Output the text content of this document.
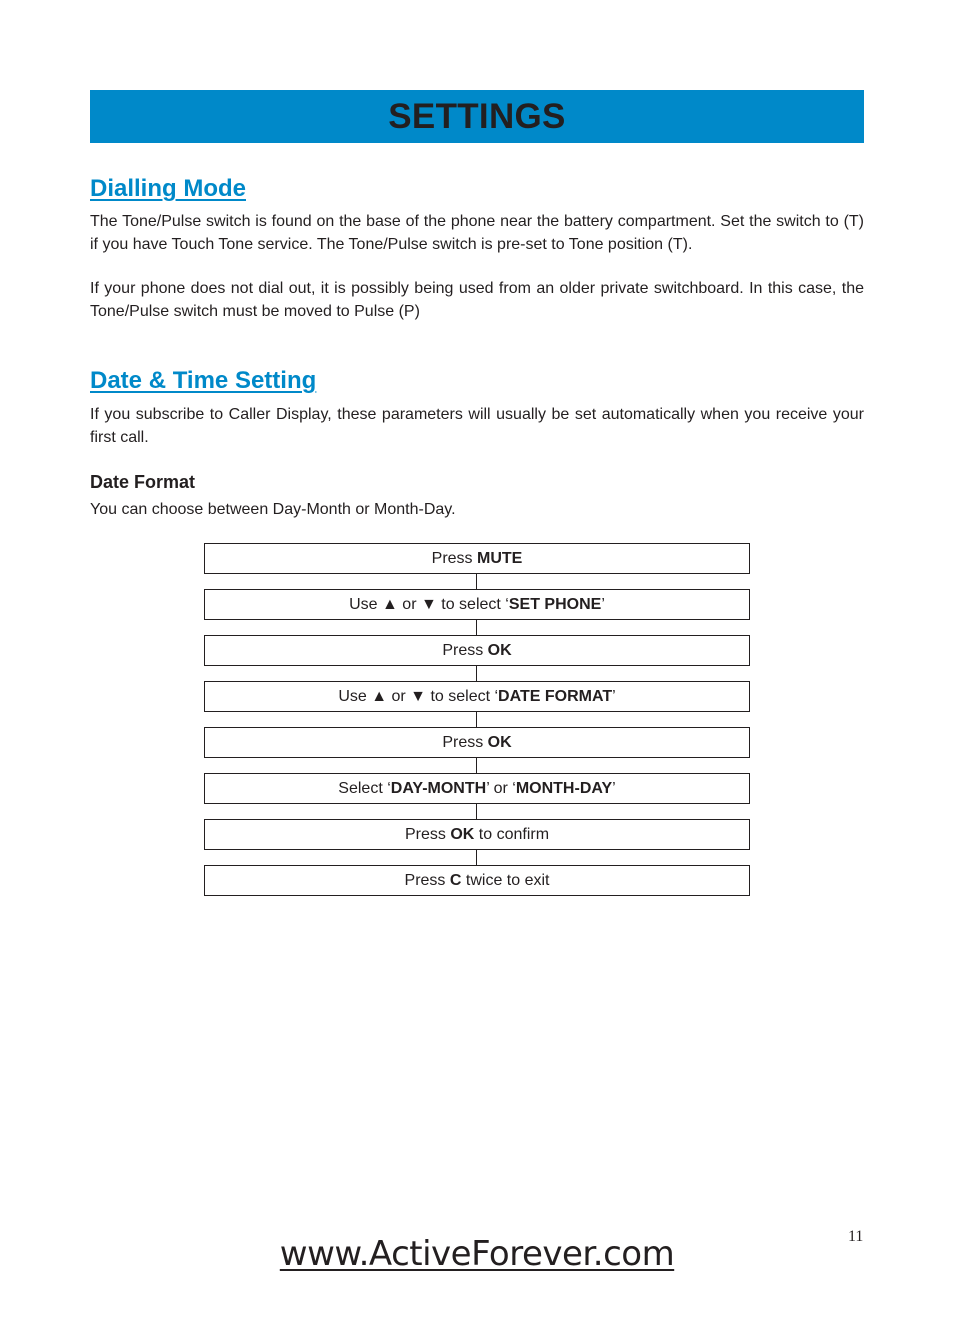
SETTINGS
Dialling Mode

The Tone/Pulse switch is found on the base of the phone near the battery compartment. Set the switch to (T) if you have Touch Tone service. The Tone/Pulse switch is pre-set to Tone position (T).

If your phone does not dial out, it is possibly being used from an older private switchboard. In this case, the Tone/Pulse switch must be moved to Pulse (P)

Date & Time Setting

If you subscribe to Caller Display, these parameters will usually be set automatically when you receive your ﬁrst call.

Date Format

You can choose between Day-Month or Month-Day.

Press MUTE
Use ▲ or ▼ to select ‘SET PHONE’
Press OK
Use ▲ or ▼ to select ‘DATE FORMAT’
Press OK
Select ‘DAY-MONTH’ or ‘MONTH-DAY’
Press OK to conﬁrm
Press C twice to exit
11
www.ActiveForever.com
